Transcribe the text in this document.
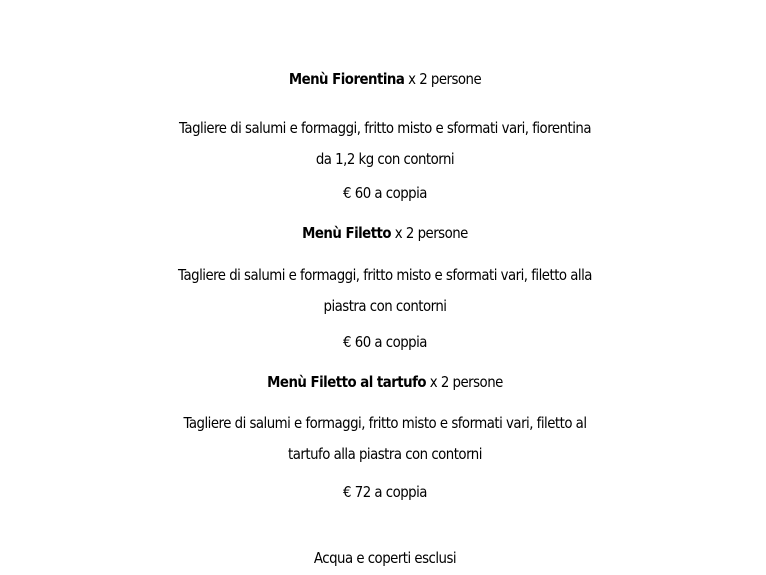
Menù Fiorentina x 2 persone
Tagliere di salumi e formaggi, fritto misto e sformati vari, fiorentina
da 1,2 kg con contorni
€ 60 a coppia
Menù Filetto x 2 persone
Tagliere di salumi e formaggi, fritto misto e sformati vari, filetto alla
piastra con contorni
€ 60 a coppia
Menù Filetto al tartufo x 2 persone
Tagliere di salumi e formaggi, fritto misto e sformati vari, filetto al
tartufo alla piastra con contorni
€ 72 a coppia
Acqua e coperti esclusi
